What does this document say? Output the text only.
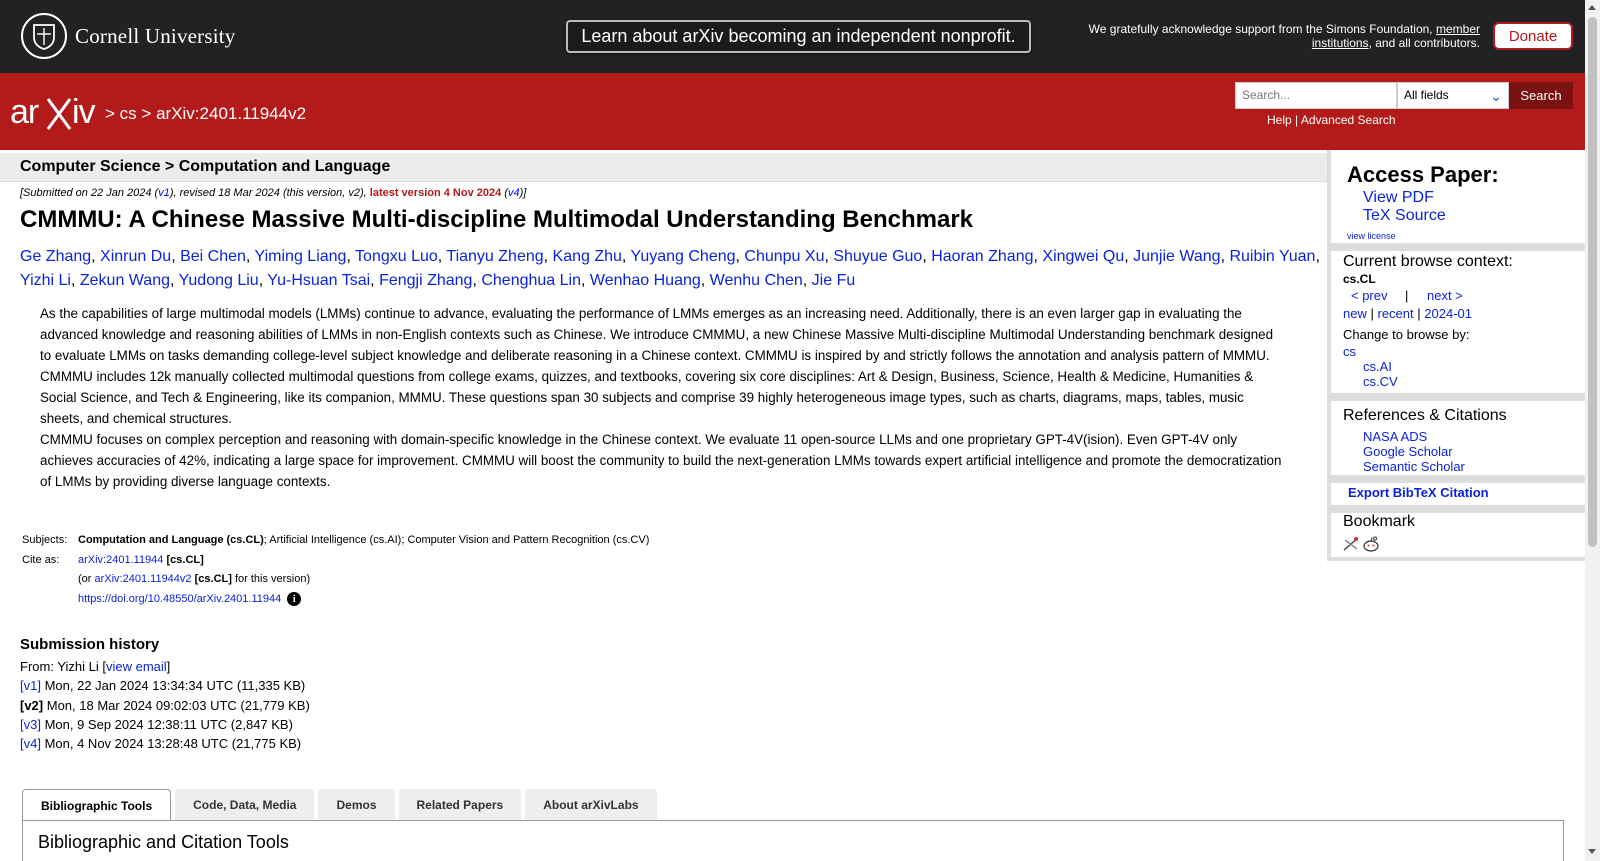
Cornell University	Learn about arXiv becoming an independent nonprofit.	We gratefully acknowledge support from the Simons Foundation, member institutions, and all contributors.	Donate
ar iv > cs > arXiv:2401.11944v2
Search...	All fields	⌄	Search
Help | Advanced Search
Computer Science > Computation and Language
[Submitted on 22 Jan 2024 (v1), revised 18 Mar 2024 (this version, v2), latest version 4 Nov 2024 (v4)]
CMMMU: A Chinese Massive Multi-discipline Multimodal Understanding Benchmark
Ge Zhang, Xinrun Du, Bei Chen, Yiming Liang, Tongxu Luo, Tianyu Zheng, Kang Zhu, Yuyang Cheng, Chunpu Xu, Shuyue Guo, Haoran Zhang, Xingwei Qu, Junjie Wang, Ruibin Yuan, Yizhi Li, Zekun Wang, Yudong Liu, Yu-Hsuan Tsai, Fengji Zhang, Chenghua Lin, Wenhao Huang, Wenhu Chen, Jie Fu

As the capabilities of large multimodal models (LMMs) continue to advance, evaluating the performance of LMMs emerges as an increasing need. Additionally, there is an even larger gap in evaluating the advanced knowledge and reasoning abilities of LMMs in non-English contexts such as Chinese. We introduce CMMMU, a new Chinese Massive Multi-discipline Multimodal Understanding benchmark designed to evaluate LMMs on tasks demanding college-level subject knowledge and deliberate reasoning in a Chinese context. CMMMU is inspired by and strictly follows the annotation and analysis pattern of MMMU.

CMMMU includes 12k manually collected multimodal questions from college exams, quizzes, and textbooks, covering six core disciplines: Art & Design, Business, Science, Health & Medicine, Humanities & Social Science, and Tech & Engineering, like its companion, MMMU. These questions span 30 subjects and comprise 39 highly heterogeneous image types, such as charts, diagrams, maps, tables, music sheets, and chemical structures.

CMMMU focuses on complex perception and reasoning with domain-specific knowledge in the Chinese context. We evaluate 11 open-source LLMs and one proprietary GPT-4V(ision). Even GPT-4V only achieves accuracies of 42%, indicating a large space for improvement. CMMMU will boost the community to build the next-generation LMMs towards expert artificial intelligence and promote the democratization of LMMs by providing diverse language contexts.

Subjects: Computation and Language (cs.CL); Artificial Intelligence (cs.AI); Computer Vision and Pattern Recognition (cs.CV)
Cite as:	arXiv:2401.11944 [cs.CL]
(or arXiv:2401.11944v2 [cs.CL] for this version)
https://doi.org/10.48550/arXiv.2401.11944	i
Submission history
From: Yizhi Li [view email]
[v1] Mon, 22 Jan 2024 13:34:34 UTC (11,335 KB)
[v2] Mon, 18 Mar 2024 09:02:03 UTC (21,779 KB)
[v3] Mon, 9 Sep 2024 12:38:11 UTC (2,847 KB)
[v4] Mon, 4 Nov 2024 13:28:48 UTC (21,775 KB)
Bibliographic Tools	Code, Data, Media	Demos	Related Papers	About arXivLabs
Bibliographic and Citation Tools
Access Paper:
View PDF
TeX Source
view license
Current browse context:
cs.CL
< prev | next >
new | recent | 2024-01
Change to browse by:
cs
cs.AI
cs.CV
References & Citations
NASA ADS
Google Scholar
Semantic Scholar
Export BibTeX Citation
Bookmark
